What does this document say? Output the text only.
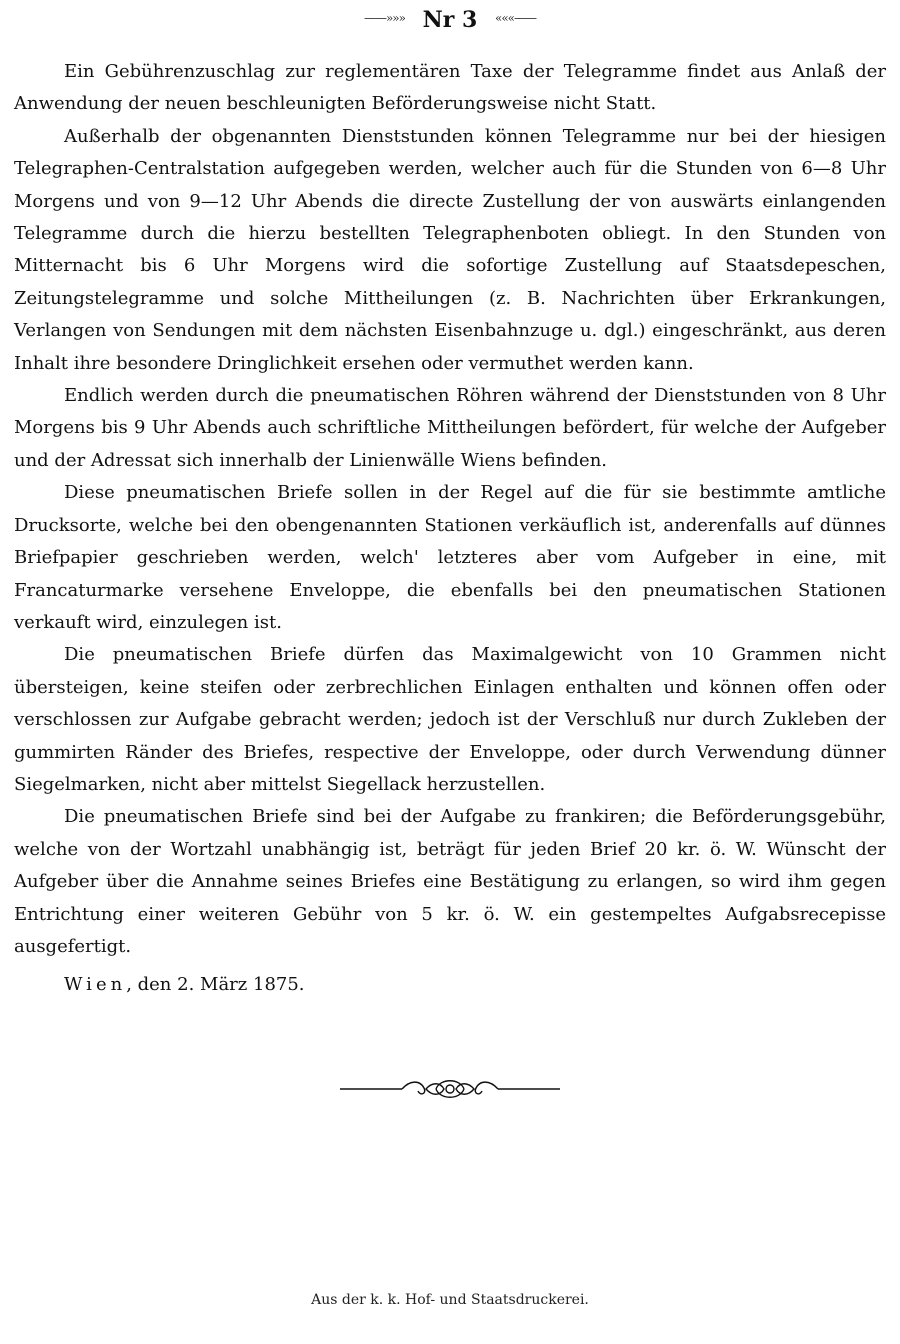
——»»» Nr 3 «««——

Ein Gebührenzuschlag zur reglementären Taxe der Telegramme findet aus Anlaß der Anwendung der neuen beschleunigten Beförderungsweise nicht Statt.

Außerhalb der obgenannten Dienststunden können Telegramme nur bei der hiesigen Telegraphen-Centralstation aufgegeben werden, welcher auch für die Stunden von 6—8 Uhr Morgens und von 9—12 Uhr Abends die directe Zustellung der von auswärts einlangenden Telegramme durch die hierzu bestellten Telegraphenboten obliegt. In den Stunden von Mitternacht bis 6 Uhr Morgens wird die sofortige Zustellung auf Staatsdepeschen, Zeitungstelegramme und solche Mittheilungen (z. B. Nachrichten über Erkrankungen, Verlangen von Sendungen mit dem nächsten Eisenbahnzuge u. dgl.) eingeschränkt, aus deren Inhalt ihre besondere Dringlichkeit ersehen oder vermuthet werden kann.

Endlich werden durch die pneumatischen Röhren während der Dienststunden von 8 Uhr Morgens bis 9 Uhr Abends auch schriftliche Mittheilungen befördert, für welche der Aufgeber und der Adressat sich innerhalb der Linienwälle Wiens befinden.

Diese pneumatischen Briefe sollen in der Regel auf die für sie bestimmte amtliche Drucksorte, welche bei den obengenannten Stationen verkäuflich ist, anderenfalls auf dünnes Briefpapier geschrieben werden, welch' letzteres aber vom Aufgeber in eine, mit Francaturmarke versehene Enveloppe, die ebenfalls bei den pneumatischen Stationen verkauft wird, einzulegen ist.

Die pneumatischen Briefe dürfen das Maximalgewicht von 10 Grammen nicht übersteigen, keine steifen oder zerbrechlichen Einlagen enthalten und können offen oder verschlossen zur Aufgabe gebracht werden; jedoch ist der Verschluß nur durch Zukleben der gummirten Ränder des Briefes, respective der Enveloppe, oder durch Verwendung dünner Siegelmarken, nicht aber mittelst Siegellack herzustellen.

Die pneumatischen Briefe sind bei der Aufgabe zu frankiren; die Beförderungsgebühr, welche von der Wortzahl unabhängig ist, beträgt für jeden Brief 20 kr. ö. W. Wünscht der Aufgeber über die Annahme seines Briefes eine Bestätigung zu erlangen, so wird ihm gegen Entrichtung einer weiteren Gebühr von 5 kr. ö. W. ein gestempeltes Aufgabsrecepisse ausgefertigt.

Wien, den 2. März 1875.
Aus der k. k. Hof- und Staatsdruckerei.
